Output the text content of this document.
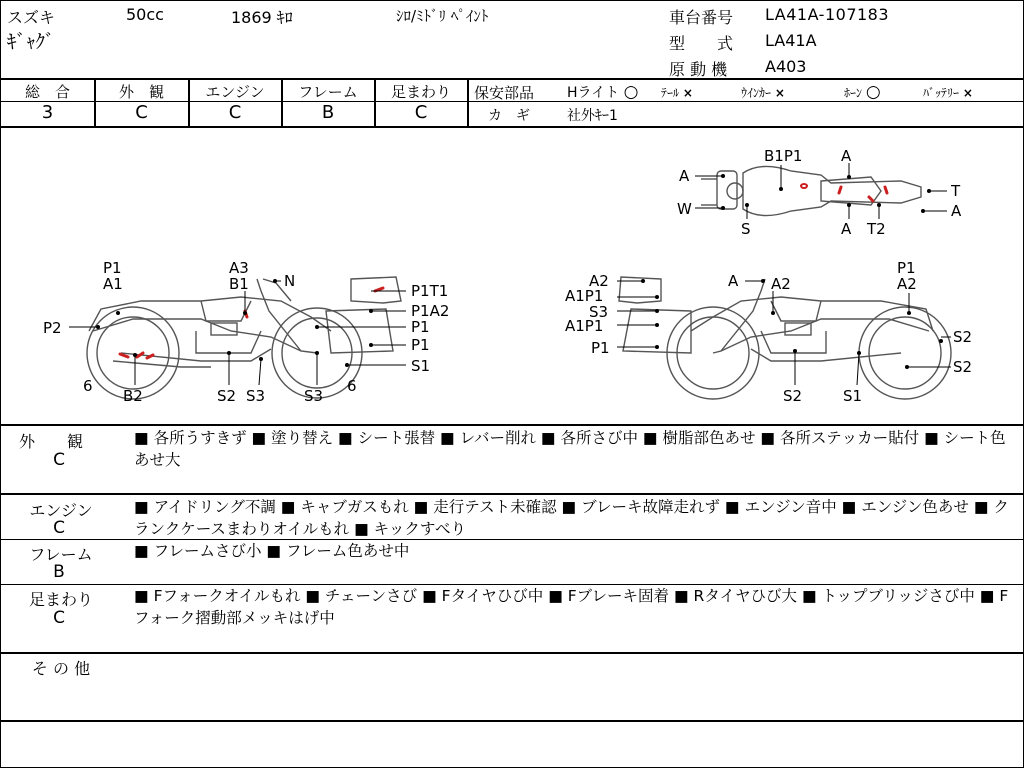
スズキ
ｷﾞｬｸﾞ
50cc	1869 ｷﾛ	ｼﾛ/ﾐﾄﾞﾘ ﾍﾟｲﾝﾄ	車台番号 LA41A-107183
型　　式 LA41A
原 動 機 A403
総　合
3
外　観
C
エンジン
C
フレーム
B
足まわり
C
保安部品 Hライト ○ ﾃｰﾙ ×	ｳｲﾝｶｰ ×	ﾎｰﾝ ○	ﾊﾞｯﾃﾘｰ ×
カ　ギ	社外ｷｰ1
P1
A1
P2
6
B2
A3
B1 N
S2 S3	S3
6
P1T1
P1A2
P1
P1
S1
A2
A1P1
S3
A1P1
P1
A A2
P1
A2
S2
S2
S2	S1
B1P1	A
A
W
S	A T2
T
A
外　　観
C
■ 各所うすきず ■ 塗り替え ■ シート張替 ■ レバー削れ ■ 各所さび中 ■ 樹脂部色あせ ■ 各所ステッカー貼付 ■ シート色あせ大
エンジン
C
■ アイドリング不調 ■ キャブガスもれ ■ 走行テスト未確認 ■ ブレーキ故障走れず ■ エンジン音中 ■ エンジン色あせ ■ クランクケースまわりオイルもれ ■ キックすべり
フレーム
B
■ フレームさび小 ■ フレーム色あせ中
足まわり
C
■ Fフォークオイルもれ ■ チェーンさび ■ Fタイヤひび中 ■ Fブレーキ固着 ■ Rタイヤひび大 ■ トップブリッジさび中 ■ Fフォーク摺動部メッキはげ中
そ の 他
